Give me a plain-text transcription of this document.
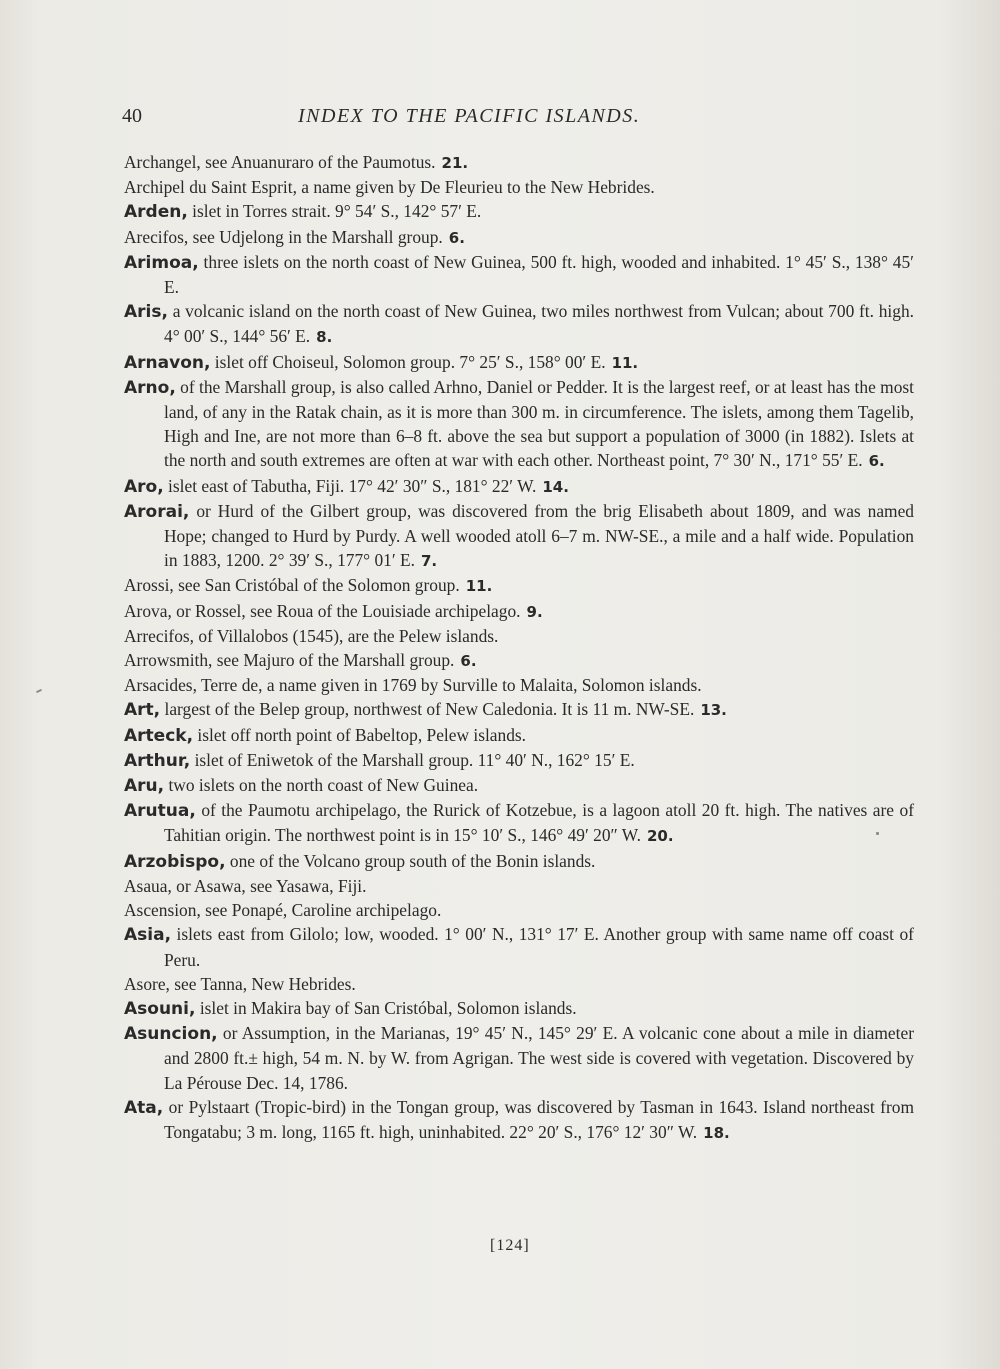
40	INDEX TO THE PACIFIC ISLANDS.

Archangel, see Anuanuraro of the Paumotus. 21.

Archipel du Saint Esprit, a name given by De Fleurieu to the New Hebrides.

Arden, islet in Torres strait. 9° 54′ S., 142° 57′ E.

Arecifos, see Udjelong in the Marshall group. 6.

Arimoa, three islets on the north coast of New Guinea, 500 ft. high, wooded and inhabited. 1° 45′ S., 138° 45′ E.

Aris, a volcanic island on the north coast of New Guinea, two miles northwest from Vulcan; about 700 ft. high. 4° 00′ S., 144° 56′ E. 8.

Arnavon, islet off Choiseul, Solomon group. 7° 25′ S., 158° 00′ E. 11.

Arno, of the Marshall group, is also called Arhno, Daniel or Pedder. It is the largest reef, or at least has the most land, of any in the Ratak chain, as it is more than 300 m. in circumference. The islets, among them Tagelib, High and Ine, are not more than 6–8 ft. above the sea but support a population of 3000 (in 1882). Islets at the north and south extremes are often at war with each other. Northeast point, 7° 30′ N., 171° 55′ E. 6.

Aro, islet east of Tabutha, Fiji. 17° 42′ 30″ S., 181° 22′ W. 14.

Arorai, or Hurd of the Gilbert group, was discovered from the brig Elisabeth about 1809, and was named Hope; changed to Hurd by Purdy. A well wooded atoll 6–7 m. NW-SE., a mile and a half wide. Population in 1883, 1200. 2° 39′ S., 177° 01′ E. 7.

Arossi, see San Cristóbal of the Solomon group. 11.

Arova, or Rossel, see Roua of the Louisiade archipelago. 9.

Arrecifos, of Villalobos (1545), are the Pelew islands.

Arrowsmith, see Majuro of the Marshall group. 6.

Arsacides, Terre de, a name given in 1769 by Surville to Malaita, Solomon islands.

Art, largest of the Belep group, northwest of New Caledonia. It is 11 m. NW-SE. 13.

Arteck, islet off north point of Babeltop, Pelew islands.

Arthur, islet of Eniwetok of the Marshall group. 11° 40′ N., 162° 15′ E.

Aru, two islets on the north coast of New Guinea.

Arutua, of the Paumotu archipelago, the Rurick of Kotzebue, is a lagoon atoll 20 ft. high. The natives are of Tahitian origin. The northwest point is in 15° 10′ S., 146° 49′ 20″ W. 20.

Arzobispo, one of the Volcano group south of the Bonin islands.

Asaua, or Asawa, see Yasawa, Fiji.

Ascension, see Ponapé, Caroline archipelago.

Asia, islets east from Gilolo; low, wooded. 1° 00′ N., 131° 17′ E. Another group with same name off coast of Peru.

Asore, see Tanna, New Hebrides.

Asouni, islet in Makira bay of San Cristóbal, Solomon islands.

Asuncion, or Assumption, in the Marianas, 19° 45′ N., 145° 29′ E. A volcanic cone about a mile in diameter and 2800 ft.± high, 54 m. N. by W. from Agrigan. The west side is covered with vegetation. Discovered by La Pérouse Dec. 14, 1786.

Ata, or Pylstaart (Tropic-bird) in the Tongan group, was discovered by Tasman in 1643. Island northeast from Tongatabu; 3 m. long, 1165 ft. high, uninhabited. 22° 20′ S., 176° 12′ 30″ W. 18.

[124]
